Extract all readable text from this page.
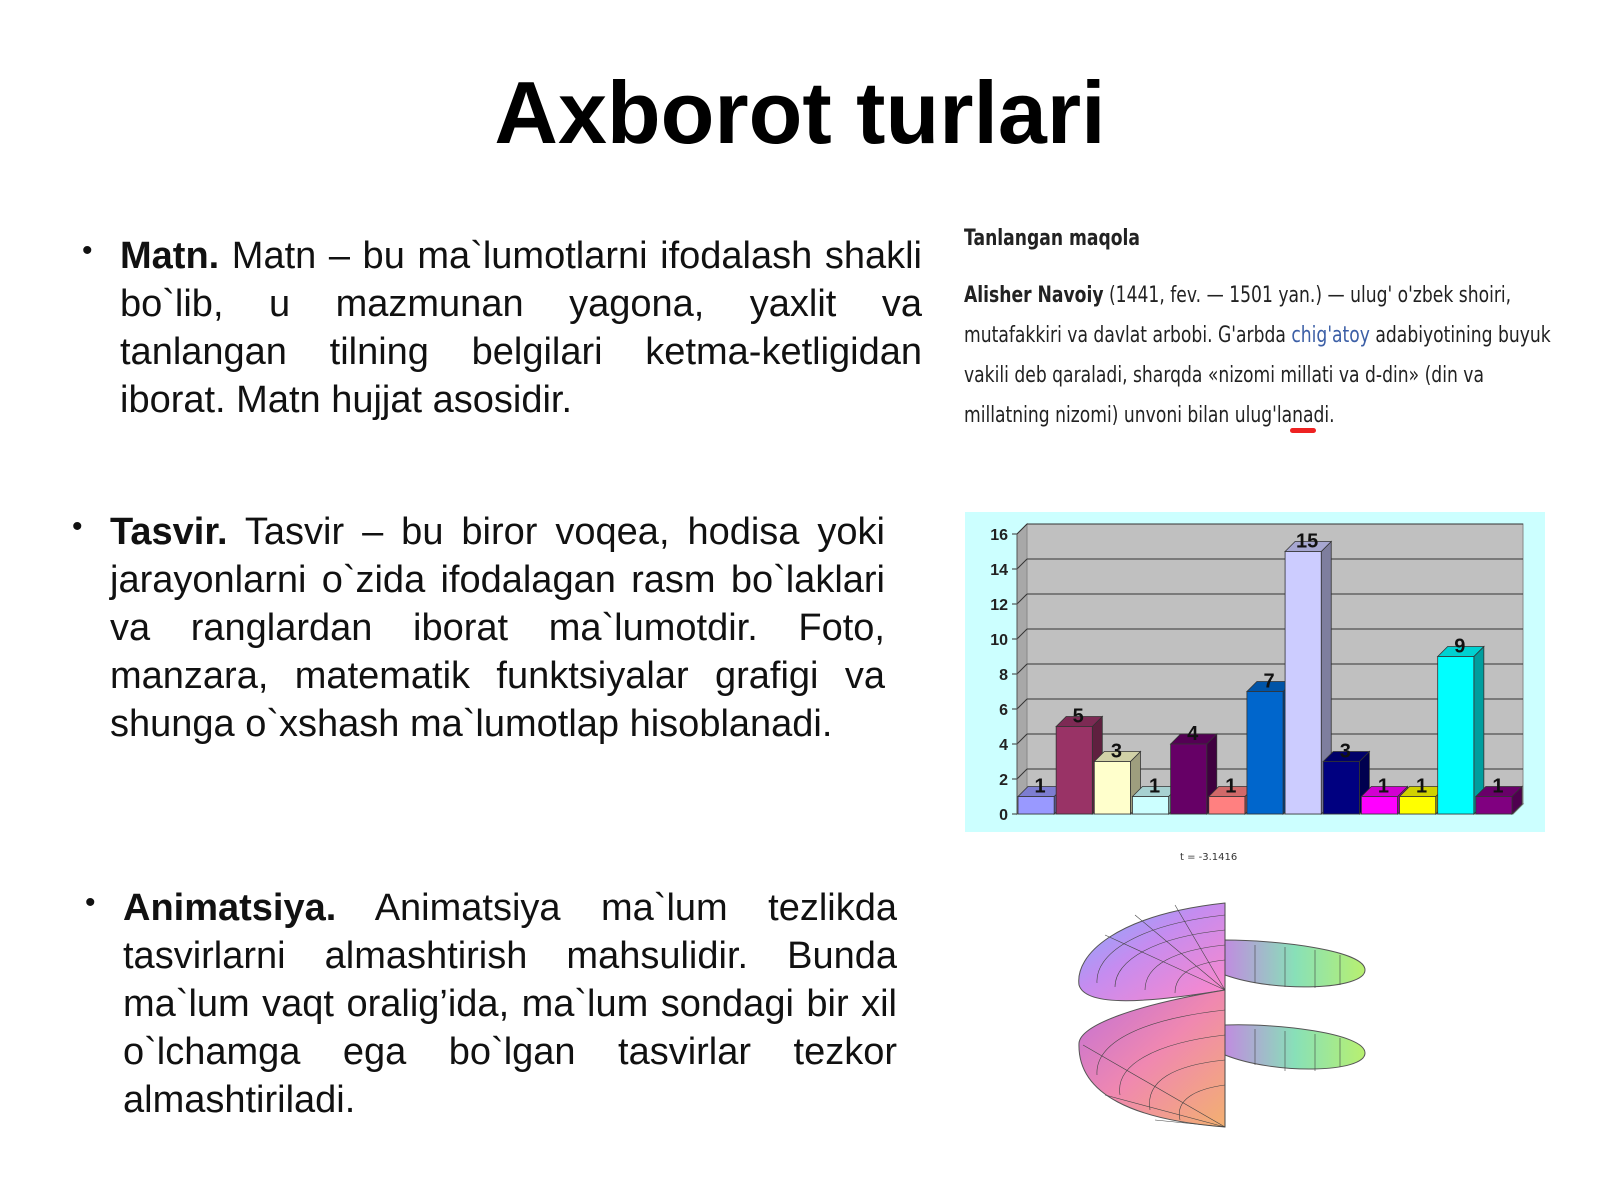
Axborot turlari
• Matn. Matn – bu ma`lumotlarni ifodalash shakli bo`lib, u mazmunan yagona, yaxlit va tanlangan tilning belgilari ketma-ketligidan iborat. Matn hujjat asosidir.

• Tasvir. Tasvir – bu biror voqea, hodisa yoki jarayonlarni o`zida ifodalagan rasm bo`laklari va ranglardan iborat ma`lumotdir. Foto, manzara, matematik funktsiyalar grafigi va shunga o`xshash ma`lumotlap hisoblanadi.

• Animatsiya. Animatsiya ma`lum tezlikda tasvirlarni almashtirish mahsulidir. Bunda ma`lum vaqt oralig’ida, ma`lum sondagi bir xil o`lchamga ega bo`lgan tasvirlar tezkor almashtiriladi.

Tanlangan maqola
Alisher Navoiy (1441, fev. — 1501 yan.) — ulug' o'zbek shoiri, mutafakkiri va davlat arbobi. G'arbda chig'atoy adabiyotining buyuk vakili deb qaraladi, sharqda «nizomi millati va d-din» (din va millatning nizomi) unvoni bilan ulug'lanadi.
0
2
4
6
8
10
12
14
16
1
5
3
1
4
1
7
15
3
1 1
9
1
t = -3.1416
